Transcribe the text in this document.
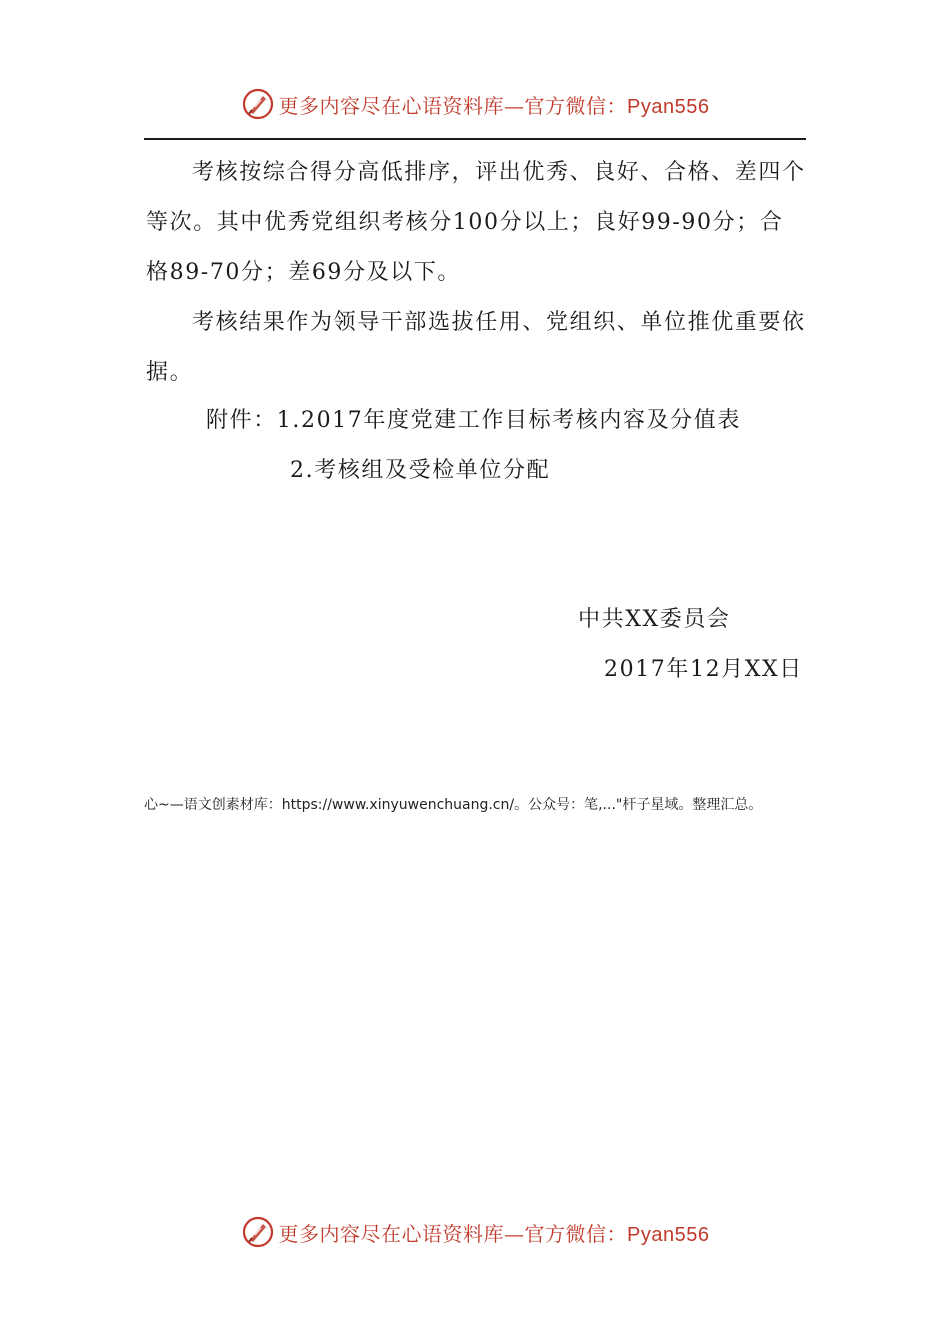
更多内容尽在心语资料库—官方微信：Pyan556

考核按综合得分高低排序，评出优秀、良好、合格、差四个等次。其中优秀党组织考核分100分以上；良好99-90分；合格89-70分；差69分及以下。

考核结果作为领导干部选拔任用、党组织、单位推优重要依据。

附件：1.2017年度党建工作目标考核内容及分值表
2.考核组及受检单位分配
中共XX委员会
2017年12月XX日

心~—语文创素材库：https://www.xinyuwenchuang.cn/。公众号：笔,..."杆子星域。整理汇总。

更多内容尽在心语资料库—官方微信：Pyan556
